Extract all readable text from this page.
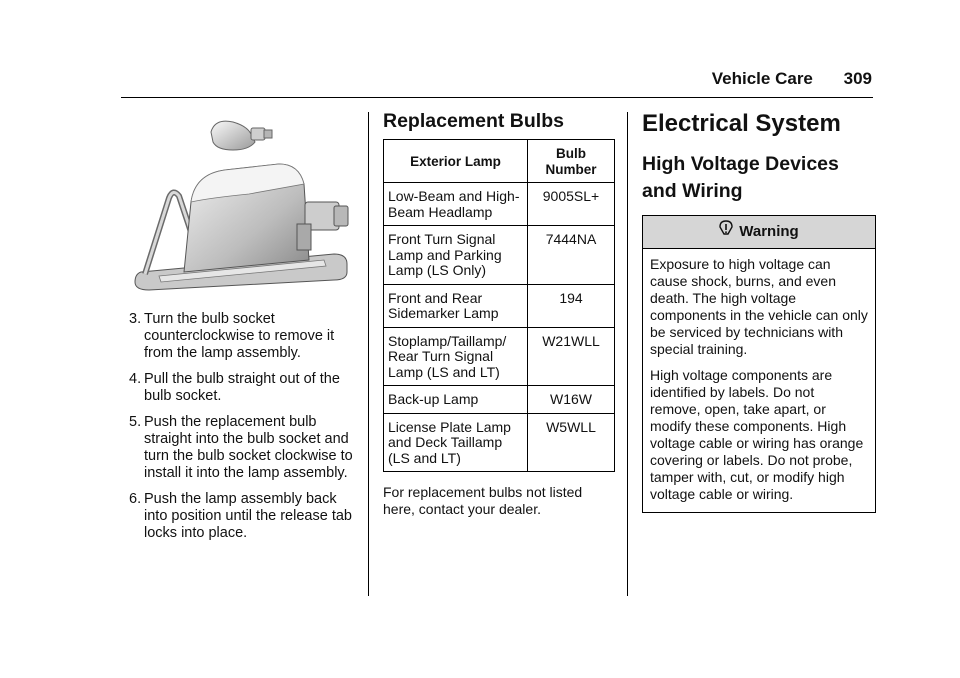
Vehicle Care 309
3. Turn the bulb socket counterclockwise to remove it from the lamp assembly.
4. Pull the bulb straight out of the bulb socket.
5. Push the replacement bulb straight into the bulb socket and turn the bulb socket clockwise to install it into the lamp assembly.
6. Push the lamp assembly back into position until the release tab locks into place.
Replacement Bulbs
Exterior Lamp	Bulb Number
Low-Beam and High-Beam Headlamp	9005SL+
Front Turn Signal Lamp and Parking Lamp (LS Only)	7444NA
Front and Rear Sidemarker Lamp	194
Stoplamp/Taillamp/ Rear Turn Signal Lamp (LS and LT)	W21WLL
Back-up Lamp	W16W
License Plate Lamp and Deck Taillamp (LS and LT)	W5WLL
For replacement bulbs not listed here, contact your dealer.
Electrical System
High Voltage Devices and Wiring
Warning

Exposure to high voltage can cause shock, burns, and even death. The high voltage components in the vehicle can only be serviced by technicians with special training.

High voltage components are identified by labels. Do not remove, open, take apart, or modify these components. High voltage cable or wiring has orange covering or labels. Do not probe, tamper with, cut, or modify high voltage cable or wiring.
